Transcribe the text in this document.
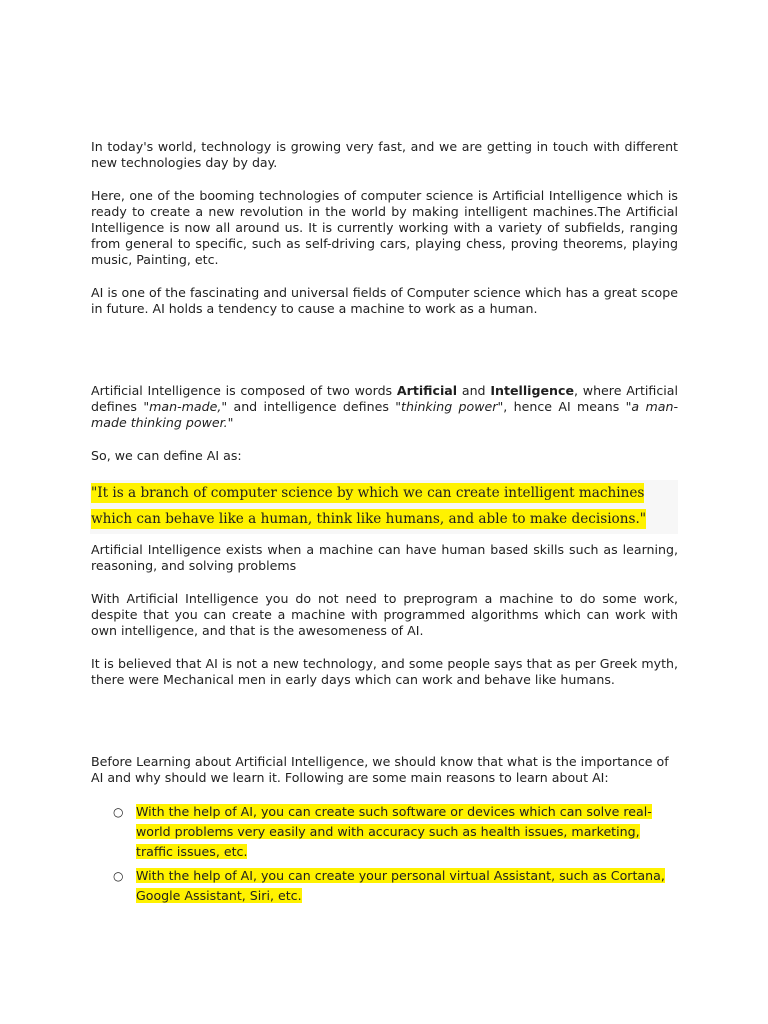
In today's world, technology is growing very fast, and we are getting in touch with different new technologies day by day.

Here, one of the booming technologies of computer science is Artificial Intelligence which is ready to create a new revolution in the world by making intelligent machines.The Artificial Intelligence is now all around us. It is currently working with a variety of subfields, ranging from general to specific, such as self-driving cars, playing chess, proving theorems, playing music, Painting, etc.

AI is one of the fascinating and universal fields of Computer science which has a great scope in future. AI holds a tendency to cause a machine to work as a human.

Artificial Intelligence is composed of two words Artificial and Intelligence, where Artificial defines "man-made," and intelligence defines "thinking power", hence AI means "a man-made thinking power."

So, we can define AI as:

"It is a branch of computer science by which we can create intelligent machines which can behave like a human, think like humans, and able to make decisions."

Artificial Intelligence exists when a machine can have human based skills such as learning, reasoning, and solving problems

With Artificial Intelligence you do not need to preprogram a machine to do some work, despite that you can create a machine with programmed algorithms which can work with own intelligence, and that is the awesomeness of AI.

It is believed that AI is not a new technology, and some people says that as per Greek myth, there were Mechanical men in early days which can work and behave like humans.

Before Learning about Artificial Intelligence, we should know that what is the importance of AI and why should we learn it. Following are some main reasons to learn about AI:

○ With the help of AI, you can create such software or devices which can solve real-world problems very easily and with accuracy such as health issues, marketing, traffic issues, etc.

○ With the help of AI, you can create your personal virtual Assistant, such as Cortana, Google Assistant, Siri, etc.
